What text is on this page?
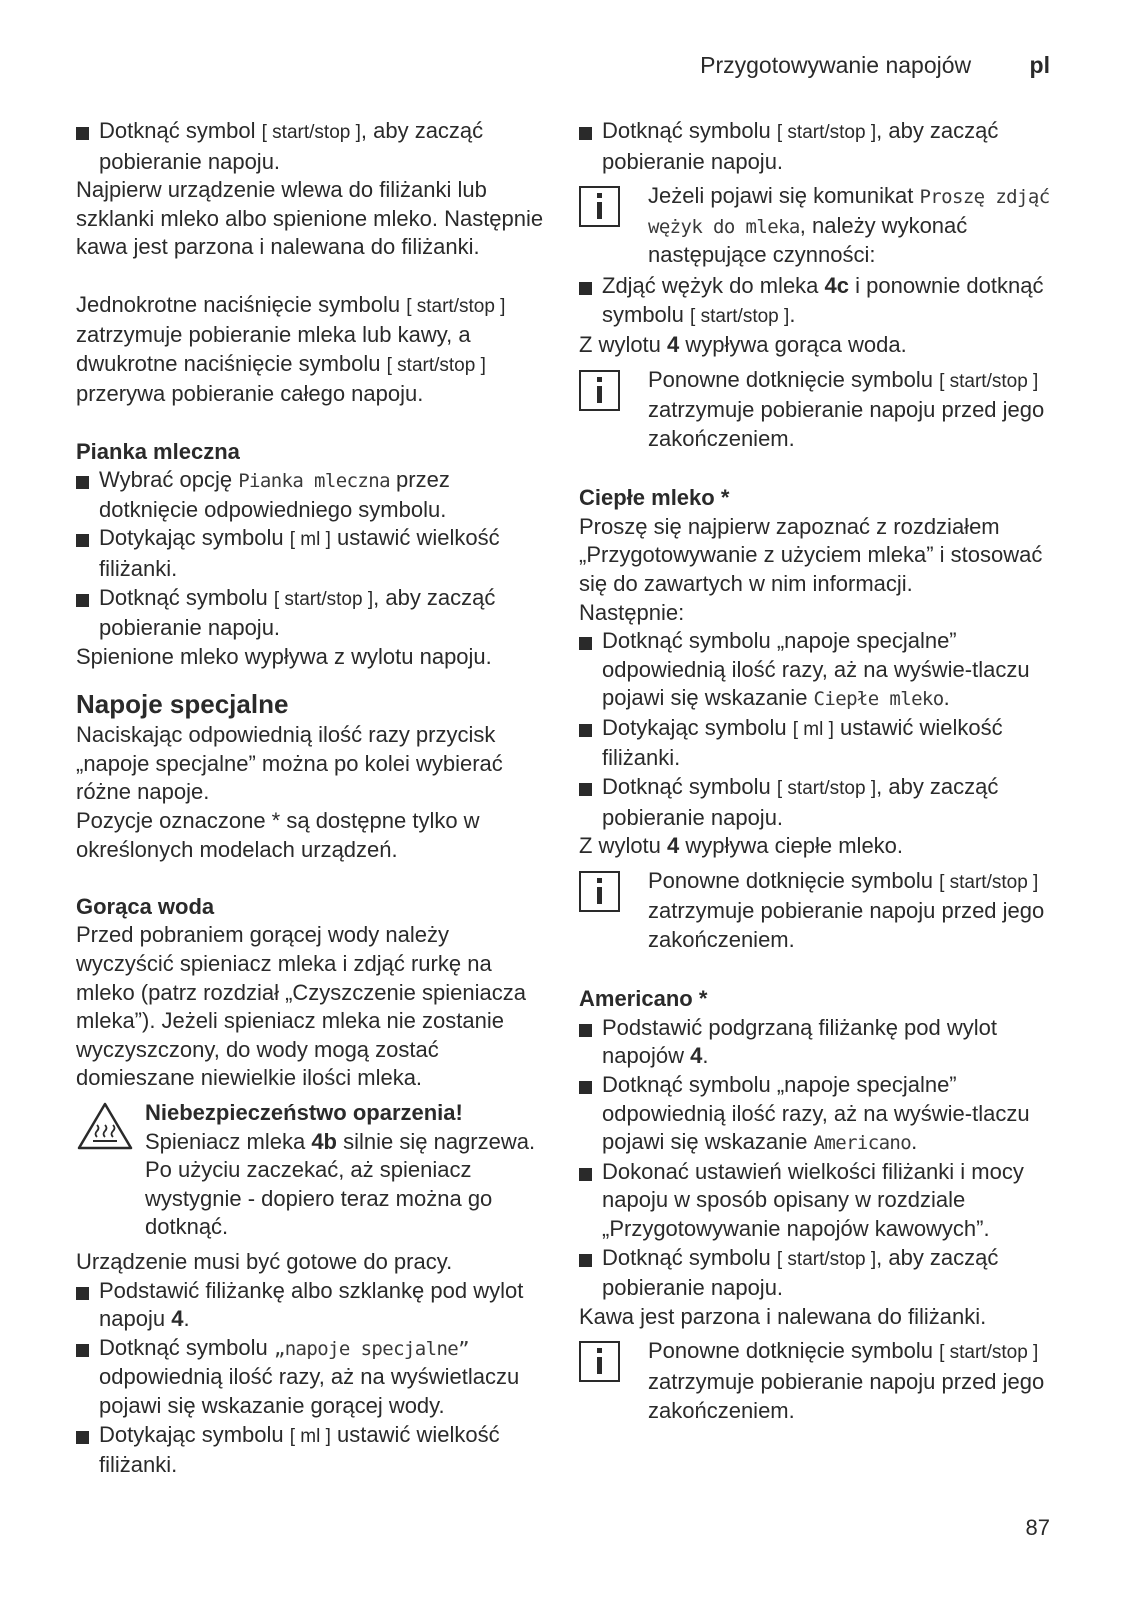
Przygotowywanie napojów	pl

Dotknąć symbol [ start/stop ], aby zacząć pobieranie napoju.

Najpierw urządzenie wlewa do filiżanki lub szklanki mleko albo spienione mleko. Następnie kawa jest parzona i nalewana do filiżanki.

Jednokrotne naciśnięcie symbolu [ start/stop ] zatrzymuje pobieranie mleka lub kawy, a dwukrotne naciśnięcie symbolu [ start/stop ] przerywa pobieranie całego napoju.

Pianka mleczna

Wybrać opcję Pianka mleczna przez dotknięcie odpowiedniego symbolu.

Dotykając symbolu [ ml ] ustawić wielkość filiżanki.

Dotknąć symbolu [ start/stop ], aby zacząć pobieranie napoju.

Spienione mleko wypływa z wylotu napoju.

Napoje specjalne

Naciskając odpowiednią ilość razy przycisk „napoje specjalne” można po kolei wybierać różne napoje.

Pozycje oznaczone * są dostępne tylko w określonych modelach urządzeń.

Gorąca woda

Przed pobraniem gorącej wody należy wyczyścić spieniacz mleka i zdjąć rurkę na mleko (patrz rozdział „Czyszczenie spieniacza mleka”). Jeżeli spieniacz mleka nie zostanie wyczyszczony, do wody mogą zostać domieszane niewielkie ilości mleka.

Niebezpieczeństwo oparzenia!

Spieniacz mleka 4b silnie się nagrzewa. Po użyciu zaczekać, aż spieniacz wystygnie - dopiero teraz można go dotknąć.

Urządzenie musi być gotowe do pracy.

Podstawić filiżankę albo szklankę pod wylot napoju 4.

Dotknąć symbolu „napoje specjalne” odpowiednią ilość razy, aż na wyświetlaczu pojawi się wskazanie gorącej wody.

Dotykając symbolu [ ml ] ustawić wielkość filiżanki.

Dotknąć symbolu [ start/stop ], aby zacząć pobieranie napoju.

Jeżeli pojawi się komunikat Proszę zdjąć wężyk do mleka, należy wykonać następujące czynności:

Zdjąć wężyk do mleka 4c i ponownie dotknąć symbolu [ start/stop ].

Z wylotu 4 wypływa gorąca woda.

Ponowne dotknięcie symbolu [ start/stop ] zatrzymuje pobieranie napoju przed jego zakończeniem.

Ciepłe mleko *

Proszę się najpierw zapoznać z rozdziałem „Przygotowywanie z użyciem mleka” i stosować się do zawartych w nim informacji.

Następnie:

Dotknąć symbolu „napoje specjalne” odpowiednią ilość razy, aż na wyświe-tlaczu pojawi się wskazanie Ciepłe mleko.

Dotykając symbolu [ ml ] ustawić wielkość filiżanki.

Dotknąć symbolu [ start/stop ], aby zacząć pobieranie napoju.

Z wylotu 4 wypływa ciepłe mleko.

Ponowne dotknięcie symbolu [ start/stop ] zatrzymuje pobieranie napoju przed jego zakończeniem.

Americano *

Podstawić podgrzaną filiżankę pod wylot napojów 4.

Dotknąć symbolu „napoje specjalne” odpowiednią ilość razy, aż na wyświe-tlaczu pojawi się wskazanie Americano.

Dokonać ustawień wielkości filiżanki i mocy napoju w sposób opisany w rozdziale „Przygotowywanie napojów kawowych”.

Dotknąć symbolu [ start/stop ], aby zacząć pobieranie napoju.

Kawa jest parzona i nalewana do filiżanki.

Ponowne dotknięcie symbolu [ start/stop ] zatrzymuje pobieranie napoju przed jego zakończeniem.

87
